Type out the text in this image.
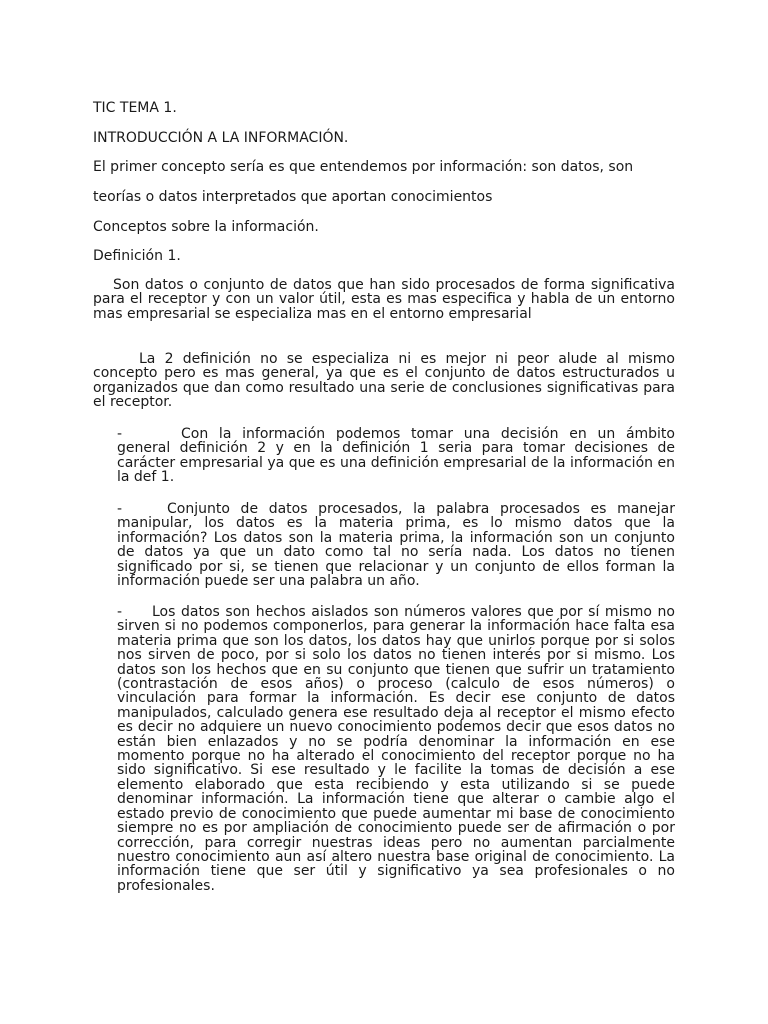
TIC TEMA 1.

INTRODUCCIÓN A LA INFORMACIÓN.

El primer concepto sería es que entendemos por información: son datos, son

teorías o datos interpretados que aportan conocimientos

Conceptos sobre la información.

Definición 1.

Son datos o conjunto de datos que han sido procesados de forma significativa para el receptor y con un valor útil, esta es mas especifica y habla de un entorno mas empresarial se especializa mas en el entorno empresarial

La 2 definición no se especializa ni es mejor ni peor alude al mismo concepto pero es mas general, ya que es el conjunto de datos estructurados u organizados que dan como resultado una serie de conclusiones significativas para el receptor.

-	Con la información podemos tomar una decisión en un ámbito general definición 2 y en la definición 1 seria para tomar decisiones de carácter empresarial ya que es una definición empresarial de la información en la def 1.

-	Conjunto de datos procesados, la palabra procesados es manejar manipular, los datos es la materia prima, es lo mismo datos que la información? Los datos son la materia prima, la información son un conjunto de datos ya que un dato como tal no sería nada. Los datos no tienen significado por si, se tienen que relacionar y un conjunto de ellos forman la información puede ser una palabra un año.

- Los datos son hechos aislados son números valores que por sí mismo no sirven si no podemos componerlos, para generar la información hace falta esa materia prima que son los datos, los datos hay que unirlos porque por si solos nos sirven de poco, por si solo los datos no tienen interés por si mismo. Los datos son los hechos que en su conjunto que tienen que sufrir un tratamiento (contrastación de esos años) o proceso (calculo de esos números) o vinculación para formar la información. Es decir ese conjunto de datos manipulados, calculado genera ese resultado deja al receptor el mismo efecto es decir no adquiere un nuevo conocimiento podemos decir que esos datos no están bien enlazados y no se podría denominar la información en ese momento porque no ha alterado el conocimiento del receptor porque no ha sido significativo. Si ese resultado y le facilite la tomas de decisión a ese elemento elaborado que esta recibiendo y esta utilizando si se puede denominar información. La información tiene que alterar o cambie algo el estado previo de conocimiento que puede aumentar mi base de conocimiento siempre no es por ampliación de conocimiento puede ser de afirmación o por corrección, para corregir nuestras ideas pero no aumentan parcialmente nuestro conocimiento aun así altero nuestra base original de conocimiento. La información tiene que ser útil y significativo ya sea profesionales o no profesionales.
